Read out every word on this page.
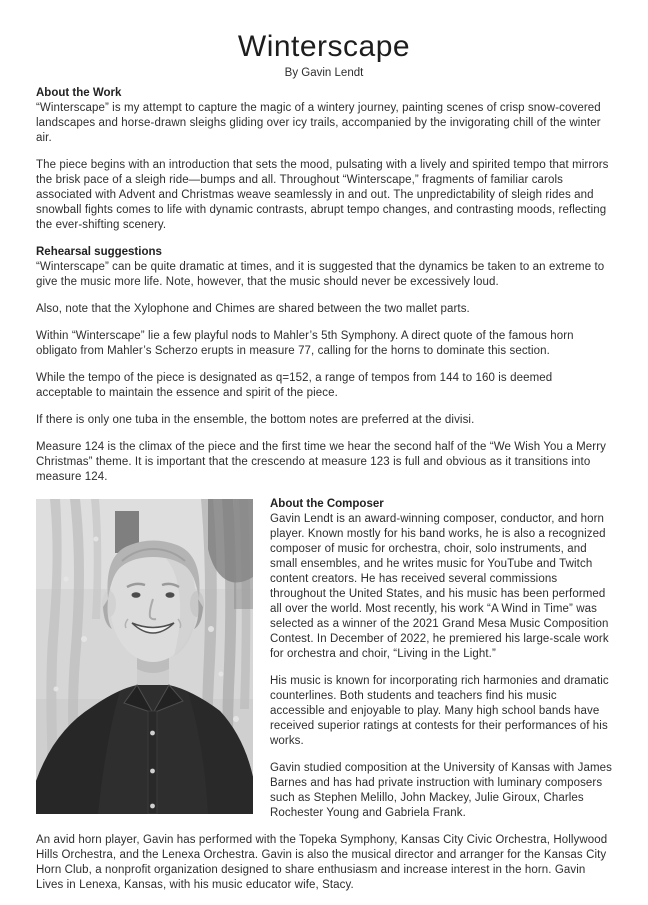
Winterscape
By Gavin Lendt
About the Work

“Winterscape” is my attempt to capture the magic of a wintery journey, painting scenes of crisp snow-covered landscapes and horse-drawn sleighs gliding over icy trails, accompanied by the invigorating chill of the winter air.

The piece begins with an introduction that sets the mood, pulsating with a lively and spirited tempo that mirrors the brisk pace of a sleigh ride—bumps and all. Throughout “Winterscape,” fragments of familiar carols associated with Advent and Christmas weave seamlessly in and out. The unpredictability of sleigh rides and snowball fights comes to life with dynamic contrasts, abrupt tempo changes, and contrasting moods, reflecting the ever-shifting scenery.

Rehearsal suggestions

“Winterscape” can be quite dramatic at times, and it is suggested that the dynamics be taken to an extreme to give the music more life. Note, however, that the music should never be excessively loud.

Also, note that the Xylophone and Chimes are shared between the two mallet parts.

Within “Winterscape” lie a few playful nods to Mahler’s 5th Symphony. A direct quote of the famous horn obligato from Mahler’s Scherzo erupts in measure 77, calling for the horns to dominate this section.

While the tempo of the piece is designated as q=152, a range of tempos from 144 to 160 is deemed acceptable to maintain the essence and spirit of the piece.

If there is only one tuba in the ensemble, the bottom notes are preferred at the divisi.

Measure 124 is the climax of the piece and the first time we hear the second half of the “We Wish You a Merry Christmas” theme. It is important that the crescendo at measure 123 is full and obvious as it transitions into measure 124.

About the Composer

Gavin Lendt is an award-winning composer, conductor, and horn player. Known mostly for his band works, he is also a recognized composer of music for orchestra, choir, solo instruments, and small ensembles, and he writes music for YouTube and Twitch content creators. He has received several commissions throughout the United States, and his music has been performed all over the world. Most recently, his work “A Wind in Time” was selected as a winner of the 2021 Grand Mesa Music Composition Contest. In December of 2022, he premiered his large-scale work for orchestra and choir, “Living in the Light.”

His music is known for incorporating rich harmonies and dramatic counterlines. Both students and teachers find his music accessible and enjoyable to play. Many high school bands have received superior ratings at contests for their performances of his works.

Gavin studied composition at the University of Kansas with James Barnes and has had private instruction with luminary composers such as Stephen Melillo, John Mackey, Julie Giroux, Charles Rochester Young and Gabriela Frank.

An avid horn player, Gavin has performed with the Topeka Symphony, Kansas City Civic Orchestra, Hollywood Hills Orchestra, and the Lenexa Orchestra. Gavin is also the musical director and arranger for the Kansas City Horn Club, a nonprofit organization designed to share enthusiasm and increase interest in the horn. Gavin Lives in Lenexa, Kansas, with his music educator wife, Stacy.
